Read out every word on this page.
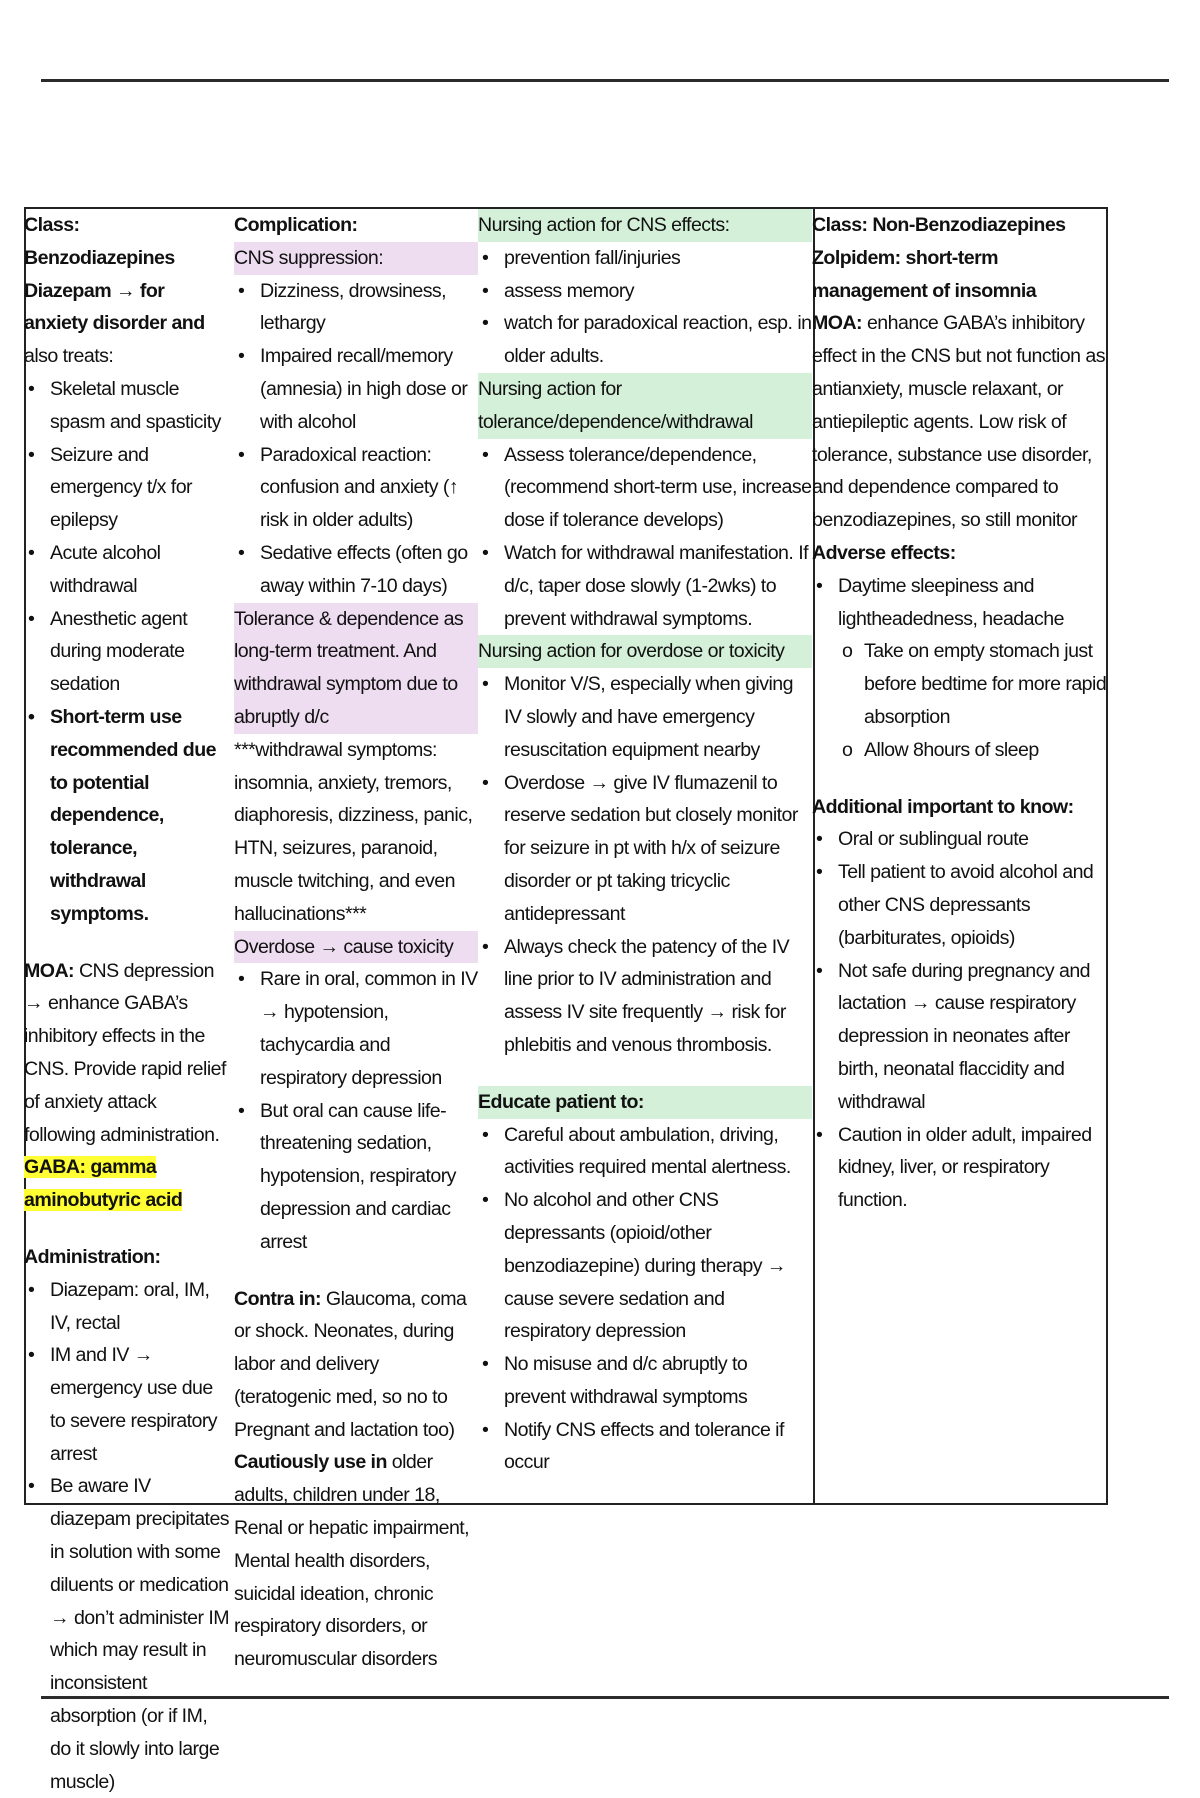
Class: Benzodiazepines

Diazepam → for anxiety disorder and also treats:

• Skeletal muscle spasm and spasticity
• Seizure and emergency t/x for epilepsy
• Acute alcohol withdrawal
• Anesthetic agent during moderate sedation
• Short-term use recommended due to potential dependence, tolerance, withdrawal symptoms.

MOA: CNS depression → enhance GABA’s inhibitory effects in the CNS. Provide rapid relief of anxiety attack following administration.

GABA: gamma aminobutyric acid

Administration:

• Diazepam: oral, IM, IV, rectal
• IM and IV → emergency use due to severe respiratory arrest
• Be aware IV diazepam precipitates in solution with some diluents or medication → don’t administer IM which may result in inconsistent absorption (or if IM, do it slowly into large muscle)

Complication:

CNS suppression:

• Dizziness, drowsiness, lethargy
• Impaired recall/memory (amnesia) in high dose or with alcohol
• Paradoxical reaction: confusion and anxiety (↑ risk in older adults)
• Sedative effects (often go away within 7-10 days)

Tolerance & dependence as long-term treatment. And withdrawal symptom due to abruptly d/c

***withdrawal symptoms: insomnia, anxiety, tremors, diaphoresis, dizziness, panic, HTN, seizures, paranoid, muscle twitching, and even hallucinations***

Overdose → cause toxicity

• Rare in oral, common in IV → hypotension, tachycardia and respiratory depression
• But oral can cause life-threatening sedation, hypotension, respiratory depression and cardiac arrest

Contra in: Glaucoma, coma or shock. Neonates, during labor and delivery (teratogenic med, so no to Pregnant and lactation too)

Cautiously use in older adults, children under 18, Renal or hepatic impairment, Mental health disorders, suicidal ideation, chronic respiratory disorders, or neuromuscular disorders

Nursing action for CNS effects:

• prevention fall/injuries
• assess memory
• watch for paradoxical reaction, esp. in older adults.

Nursing action for tolerance/dependence/withdrawal

• Assess tolerance/dependence, (recommend short-term use, increase dose if tolerance develops)
• Watch for withdrawal manifestation. If d/c, taper dose slowly (1-2wks) to prevent withdrawal symptoms.

Nursing action for overdose or toxicity

• Monitor V/S, especially when giving IV slowly and have emergency resuscitation equipment nearby
• Overdose → give IV flumazenil to reserve sedation but closely monitor for seizure in pt with h/x of seizure disorder or pt taking tricyclic antidepressant
• Always check the patency of the IV line prior to IV administration and assess IV site frequently → risk for phlebitis and venous thrombosis.

Educate patient to:

• Careful about ambulation, driving, activities required mental alertness.
• No alcohol and other CNS depressants (opioid/other benzodiazepine) during therapy → cause severe sedation and respiratory depression
• No misuse and d/c abruptly to prevent withdrawal symptoms
• Notify CNS effects and tolerance if occur

Class: Non-Benzodiazepines

Zolpidem: short-term management of insomnia

MOA: enhance GABA’s inhibitory effect in the CNS but not function as antianxiety, muscle relaxant, or antiepileptic agents. Low risk of tolerance, substance use disorder, and dependence compared to benzodiazepines, so still monitor

Adverse effects:

• Daytime sleepiness and lightheadedness, headache
o Take on empty stomach just before bedtime for more rapid absorption
o Allow 8hours of sleep

Additional important to know:

• Oral or sublingual route
• Tell patient to avoid alcohol and other CNS depressants (barbiturates, opioids)
• Not safe during pregnancy and lactation → cause respiratory depression in neonates after birth, neonatal flaccidity and withdrawal
• Caution in older adult, impaired kidney, liver, or respiratory function.
